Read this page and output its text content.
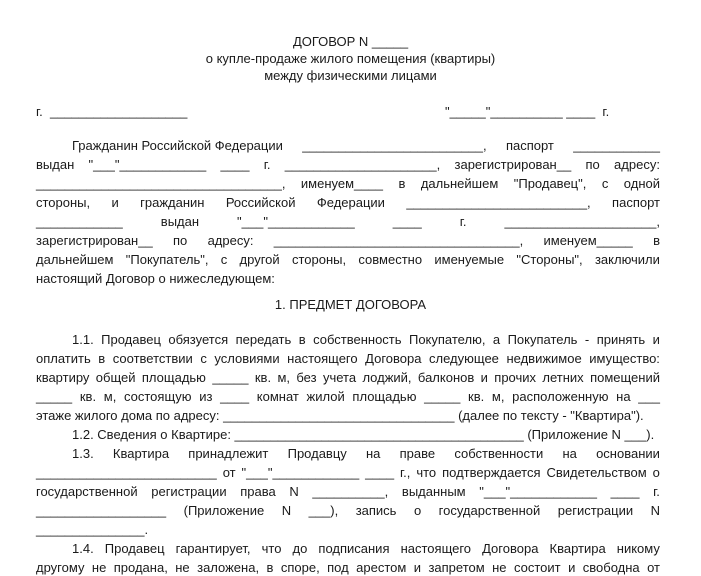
ДОГОВОР N _____
о купле-продаже жилого помещения (квартиры)
между физическими лицами
г.  ___________________	"_____"__________ ____  г.
Гражданин Российской Федерации _________________________, паспорт ____________
выдан "___"____________ ____ г. _____________________, зарегистрирован__ по адресу:
__________________________________, именуем____ в дальнейшем "Продавец", с одной
стороны, и гражданин Российской Федерации _________________________, паспорт
____________	выдан	"___"____________	____	г.	_____________________,
зарегистрирован__ по адресу: __________________________________, именуем_____ в
дальнейшем "Покупатель", с другой стороны, совместно именуемые "Стороны", заключили
настоящий Договор о нижеследующем:
1. ПРЕДМЕТ ДОГОВОРА
1.1. Продавец обязуется передать в собственность Покупателю, а Покупатель - принять и
оплатить в соответствии с условиями настоящего Договора следующее недвижимое имущество:
квартиру общей площадью _____ кв. м, без учета лоджий, балконов и прочих летних помещений
_____ кв. м, состоящую из ____ комнат жилой площадью _____ кв. м, расположенную на ___
этаже жилого дома по адресу: ________________________________ (далее по тексту - "Квартира").
1.2. Сведения о Квартире: ________________________________________ (Приложение N ___).
1.3. Квартира принадлежит Продавцу на праве собственности на основании
_________________________ от "___"____________ ____ г., что подтверждается Свидетельством о
государственной регистрации права N __________, выданным "___"____________ ____ г.
__________________ (Приложение N ___), запись о государственной регистрации N
_______________.
1.4. Продавец гарантирует, что до подписания настоящего Договора Квартира никому
другому не продана, не заложена, в споре, под арестом и запретом не состоит и свободна от
